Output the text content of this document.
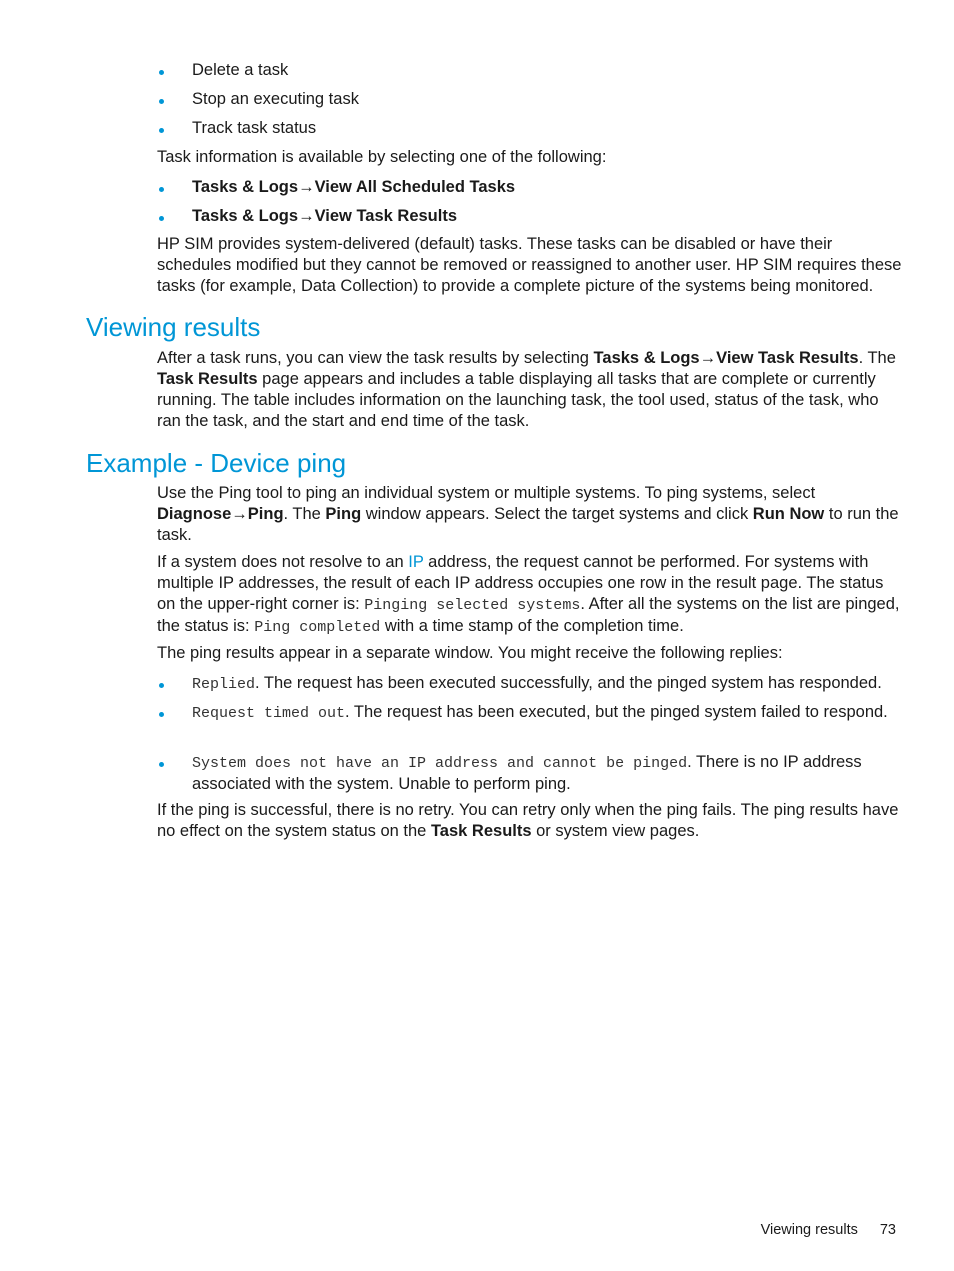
Delete a task
Stop an executing task
Track task status
Task information is available by selecting one of the following:
Tasks & Logs→View All Scheduled Tasks
Tasks & Logs→View Task Results
HP SIM provides system-delivered (default) tasks. These tasks can be disabled or have their schedules modified but they cannot be removed or reassigned to another user. HP SIM requires these tasks (for example, Data Collection) to provide a complete picture of the systems being monitored.
Viewing results
After a task runs, you can view the task results by selecting Tasks & Logs→View Task Results. The Task Results page appears and includes a table displaying all tasks that are complete or currently running. The table includes information on the launching task, the tool used, status of the task, who ran the task, and the start and end time of the task.
Example - Device ping
Use the Ping tool to ping an individual system or multiple systems. To ping systems, select Diagnose→Ping. The Ping window appears. Select the target systems and click Run Now to run the task.
If a system does not resolve to an IP address, the request cannot be performed. For systems with multiple IP addresses, the result of each IP address occupies one row in the result page. The status on the upper-right corner is: Pinging selected systems. After all the systems on the list are pinged, the status is: Ping completed with a time stamp of the completion time.
The ping results appear in a separate window. You might receive the following replies:
Replied. The request has been executed successfully, and the pinged system has responded.
Request timed out. The request has been executed, but the pinged system failed to respond.
System does not have an IP address and cannot be pinged. There is no IP address associated with the system. Unable to perform ping.
If the ping is successful, there is no retry. You can retry only when the ping fails. The ping results have no effect on the system status on the Task Results or system view pages.
Viewing results 73
